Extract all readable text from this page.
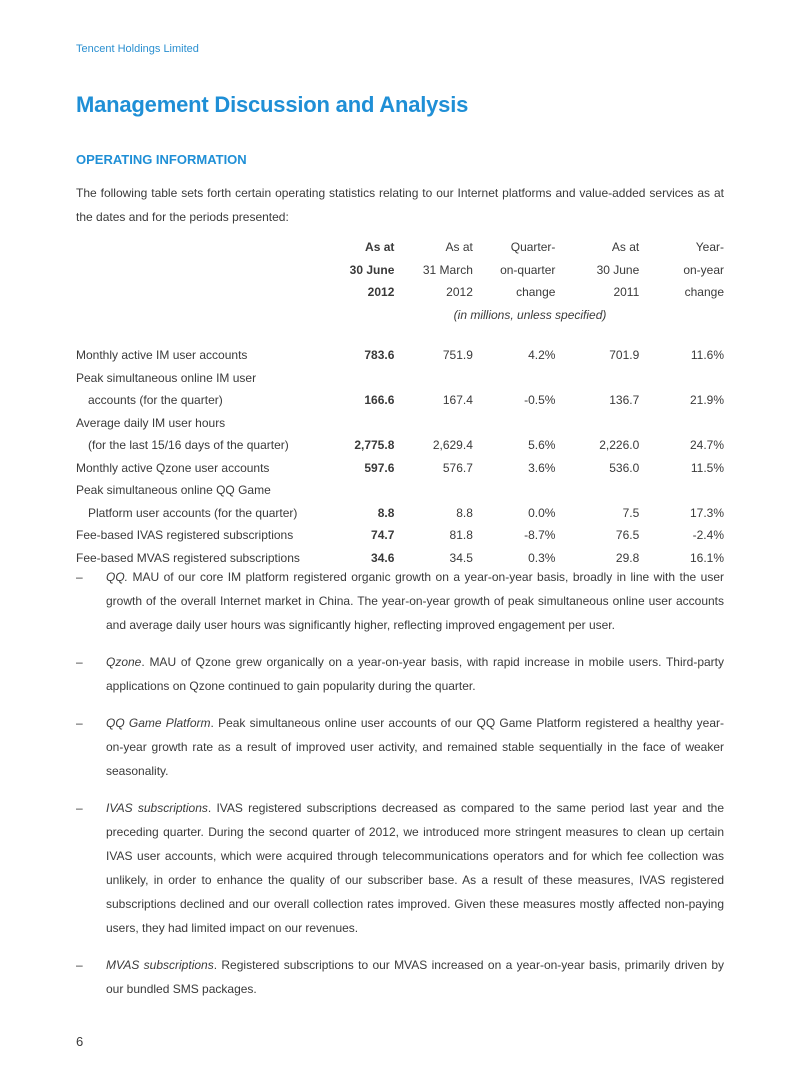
Tencent Holdings Limited
Management Discussion and Analysis
OPERATING INFORMATION
The following table sets forth certain operating statistics relating to our Internet platforms and value-added services as at the dates and for the periods presented:
	As at	As at	Quarter-	As at	Year-
	30 June	31 March	on-quarter	30 June	on-year
	2012	2012	change	2011	change
	(in millions, unless specified)				

Monthly active IM user accounts	783.6	751.9	4.2%	701.9	11.6%
Peak simultaneous online IM user					
accounts (for the quarter)	166.6	167.4	-0.5%	136.7	21.9%
Average daily IM user hours					
(for the last 15/16 days of the quarter)	2,775.8	2,629.4	5.6%	2,226.0	24.7%
Monthly active Qzone user accounts	597.6	576.7	3.6%	536.0	11.5%
Peak simultaneous online QQ Game					
Platform user accounts (for the quarter)	8.8	8.8	0.0%	7.5	17.3%
Fee-based IVAS registered subscriptions	74.7	81.8	-8.7%	76.5	-2.4%
Fee-based MVAS registered subscriptions	34.6	34.5	0.3%	29.8	16.1%
– QQ. MAU of our core IM platform registered organic growth on a year-on-year basis, broadly in line with the user growth of the overall Internet market in China. The year-on-year growth of peak simultaneous online user accounts and average daily user hours was significantly higher, reflecting improved engagement per user.
– Qzone. MAU of Qzone grew organically on a year-on-year basis, with rapid increase in mobile users. Third-party applications on Qzone continued to gain popularity during the quarter.
– QQ Game Platform. Peak simultaneous online user accounts of our QQ Game Platform registered a healthy year-on-year growth rate as a result of improved user activity, and remained stable sequentially in the face of weaker seasonality.
– IVAS subscriptions. IVAS registered subscriptions decreased as compared to the same period last year and the preceding quarter. During the second quarter of 2012, we introduced more stringent measures to clean up certain IVAS user accounts, which were acquired through telecommunications operators and for which fee collection was unlikely, in order to enhance the quality of our subscriber base. As a result of these measures, IVAS registered subscriptions declined and our overall collection rates improved. Given these measures mostly affected non-paying users, they had limited impact on our revenues.
– MVAS subscriptions. Registered subscriptions to our MVAS increased on a year-on-year basis, primarily driven by our bundled SMS packages.
6
